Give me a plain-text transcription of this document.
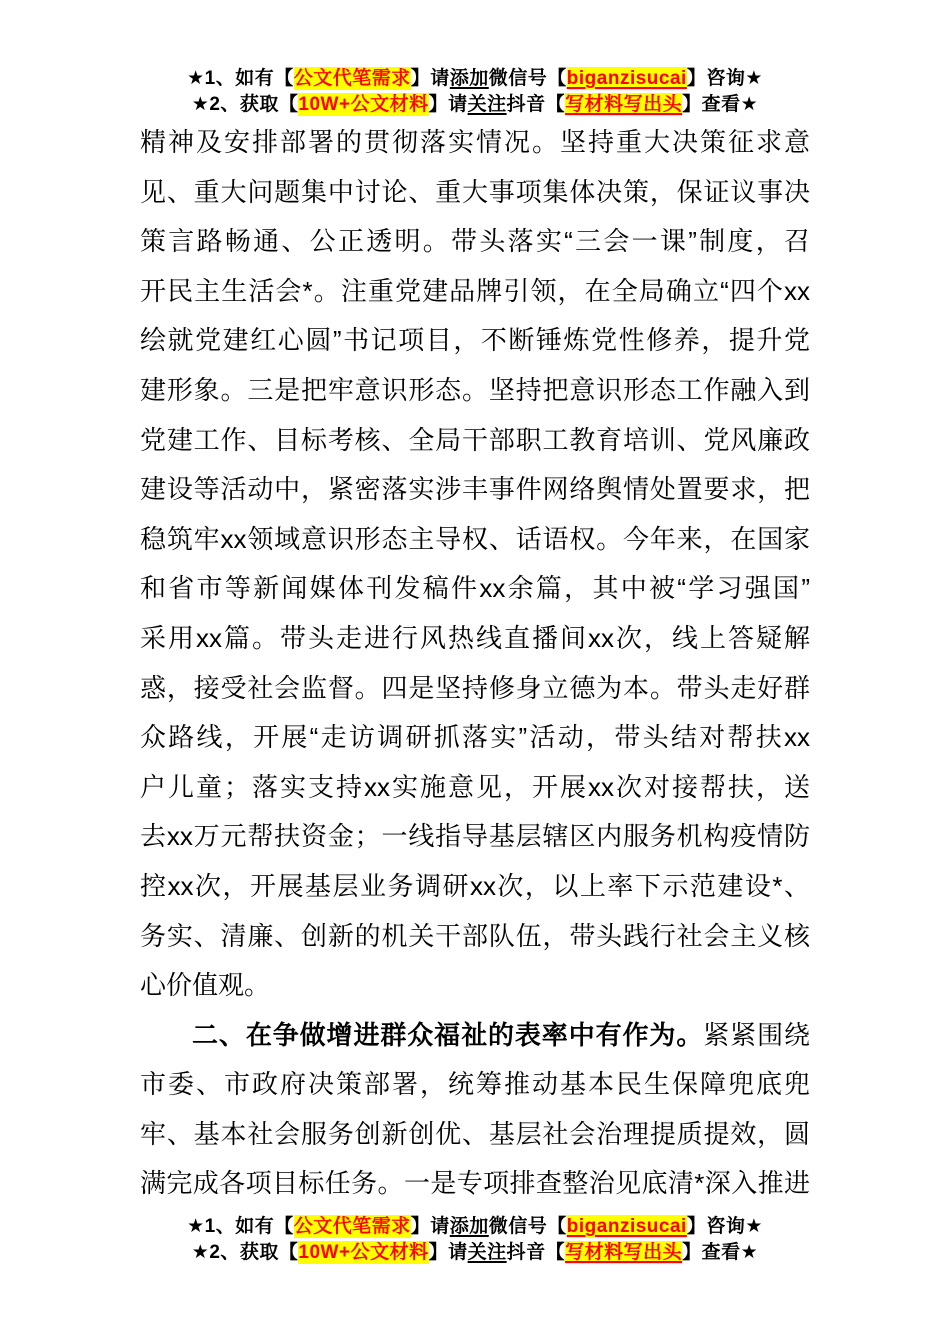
★1、如有【公文代笔需求】请添加微信号【biganzisucai】咨询★
★2、获取【10W+公文材料】请关注抖音【写材料写出头】查看★
精神及安排部署的贯彻落实情况。坚持重大决策征求意
见、重大问题集中讨论、重大事项集体决策，保证议事决
策言路畅通、公正透明。带头落实“三会一课”制度，召
开民主生活会*。注重党建品牌引领，在全局确立“四个xx
绘就党建红心圆”书记项目，不断锤炼党性修养，提升党
建形象。三是把牢意识形态。坚持把意识形态工作融入到
党建工作、目标考核、全局干部职工教育培训、党风廉政
建设等活动中，紧密落实涉丰事件网络舆情处置要求，把
稳筑牢xx领域意识形态主导权、话语权。今年来，在国家
和省市等新闻媒体刊发稿件xx余篇，其中被“学习强国”
采用xx篇。带头走进行风热线直播间xx次，线上答疑解
惑，接受社会监督。四是坚持修身立德为本。带头走好群
众路线，开展“走访调研抓落实”活动，带头结对帮扶xx
户儿童；落实支持xx实施意见，开展xx次对接帮扶，送
去xx万元帮扶资金；一线指导基层辖区内服务机构疫情防
控xx次，开展基层业务调研xx次，以上率下示范建设*、
务实、清廉、创新的机关干部队伍，带头践行社会主义核
心价值观。
二、在争做增进群众福祉的表率中有作为。紧紧围绕
市委、市政府决策部署，统筹推动基本民生保障兜底兜
牢、基本社会服务创新创优、基层社会治理提质提效，圆
满完成各项目标任务。一是专项排查整治见底清*深入推进
★1、如有【公文代笔需求】请添加微信号【biganzisucai】咨询★
★2、获取【10W+公文材料】请关注抖音【写材料写出头】查看★
